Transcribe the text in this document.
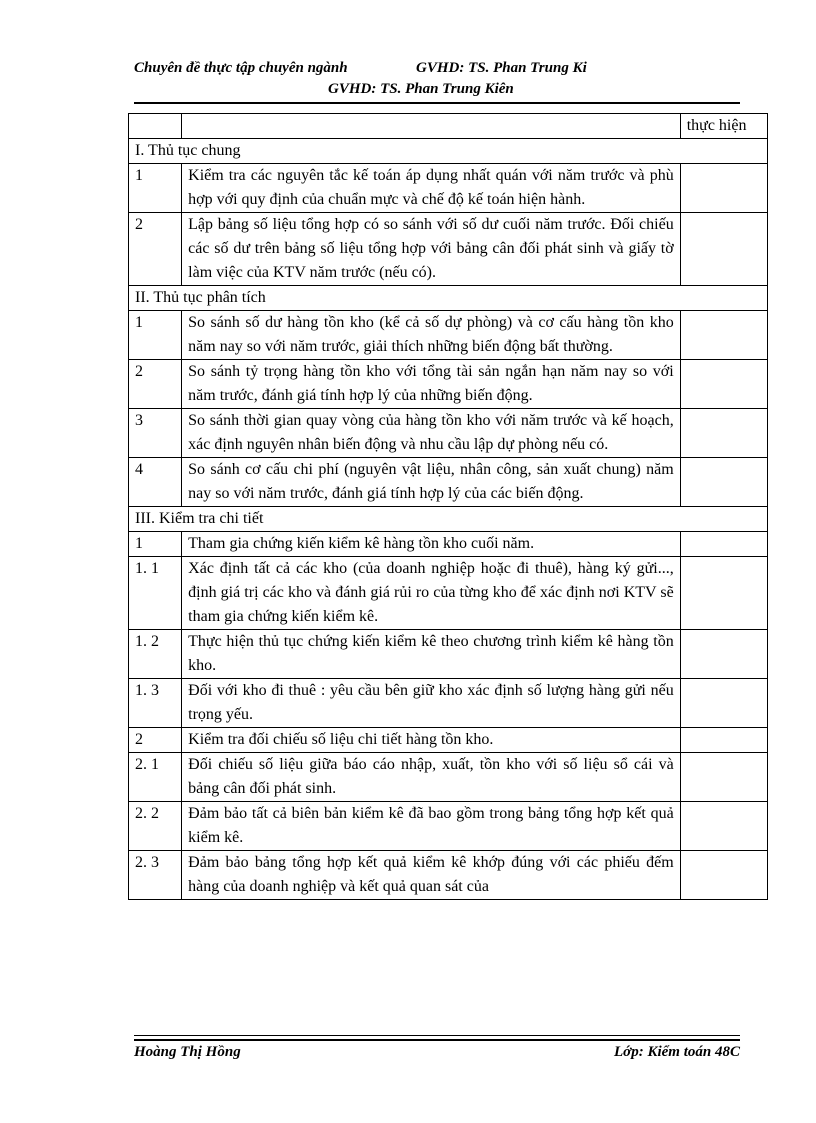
Chuyên đề thực tập chuyên ngành	GVHD: TS. Phan Trung Ki
GVHD: TS. Phan Trung Kiên
		thực hiện
I. Thủ tục chung		
1	Kiểm tra các nguyên tắc kế toán áp dụng nhất quán với năm trước và phù hợp với quy định của chuẩn mực và chế độ kế toán hiện hành.	
2	Lập bảng số liệu tổng hợp có so sánh với số dư cuối năm trước. Đối chiếu các số dư trên bảng số liệu tổng hợp với bảng cân đối phát sinh và giấy tờ làm việc của KTV năm trước (nếu có).	
II. Thủ tục phân tích		
1	So sánh số dư hàng tồn kho (kể cả số dự phòng) và cơ cấu hàng tồn kho năm nay so với năm trước, giải thích những biến động bất thường.	
2	So sánh tỷ trọng hàng tồn kho với tổng tài sản ngắn hạn năm nay so với năm trước, đánh giá tính hợp lý của những biến động.	
3	So sánh thời gian quay vòng của hàng tồn kho với năm trước và kế hoạch, xác định nguyên nhân biến động và nhu cầu lập dự phòng nếu có.	
4	So sánh cơ cấu chi phí (nguyên vật liệu, nhân công, sản xuất chung) năm nay so với năm trước, đánh giá tính hợp lý của các biến động.	
III. Kiểm tra chi tiết		
1	Tham gia chứng kiến kiểm kê hàng tồn kho cuối năm.	
1. 1	Xác định tất cả các kho (của doanh nghiệp hoặc đi thuê), hàng ký gửi..., định giá trị các kho và đánh giá rủi ro của từng kho để xác định nơi KTV sẽ tham gia chứng kiến kiểm kê.	
1. 2	Thực hiện thủ tục chứng kiến kiểm kê theo chương trình kiểm kê hàng tồn kho.	
1. 3	Đối với kho đi thuê : yêu cầu bên giữ kho xác định số lượng hàng gửi nếu trọng yếu.	
2	Kiểm tra đối chiếu số liệu chi tiết hàng tồn kho.	
2. 1	Đối chiếu số liệu giữa báo cáo nhập, xuất, tồn kho với số liệu sổ cái và bảng cân đối phát sinh.	
2. 2	Đảm bảo tất cả biên bản kiểm kê đã bao gồm trong bảng tổng hợp kết quả kiểm kê.	
2. 3	Đảm bảo bảng tổng hợp kết quả kiểm kê khớp đúng với các phiếu đếm hàng của doanh nghiệp và kết quả quan sát của	
Hoàng Thị Hồng	Lớp: Kiểm toán 48C
